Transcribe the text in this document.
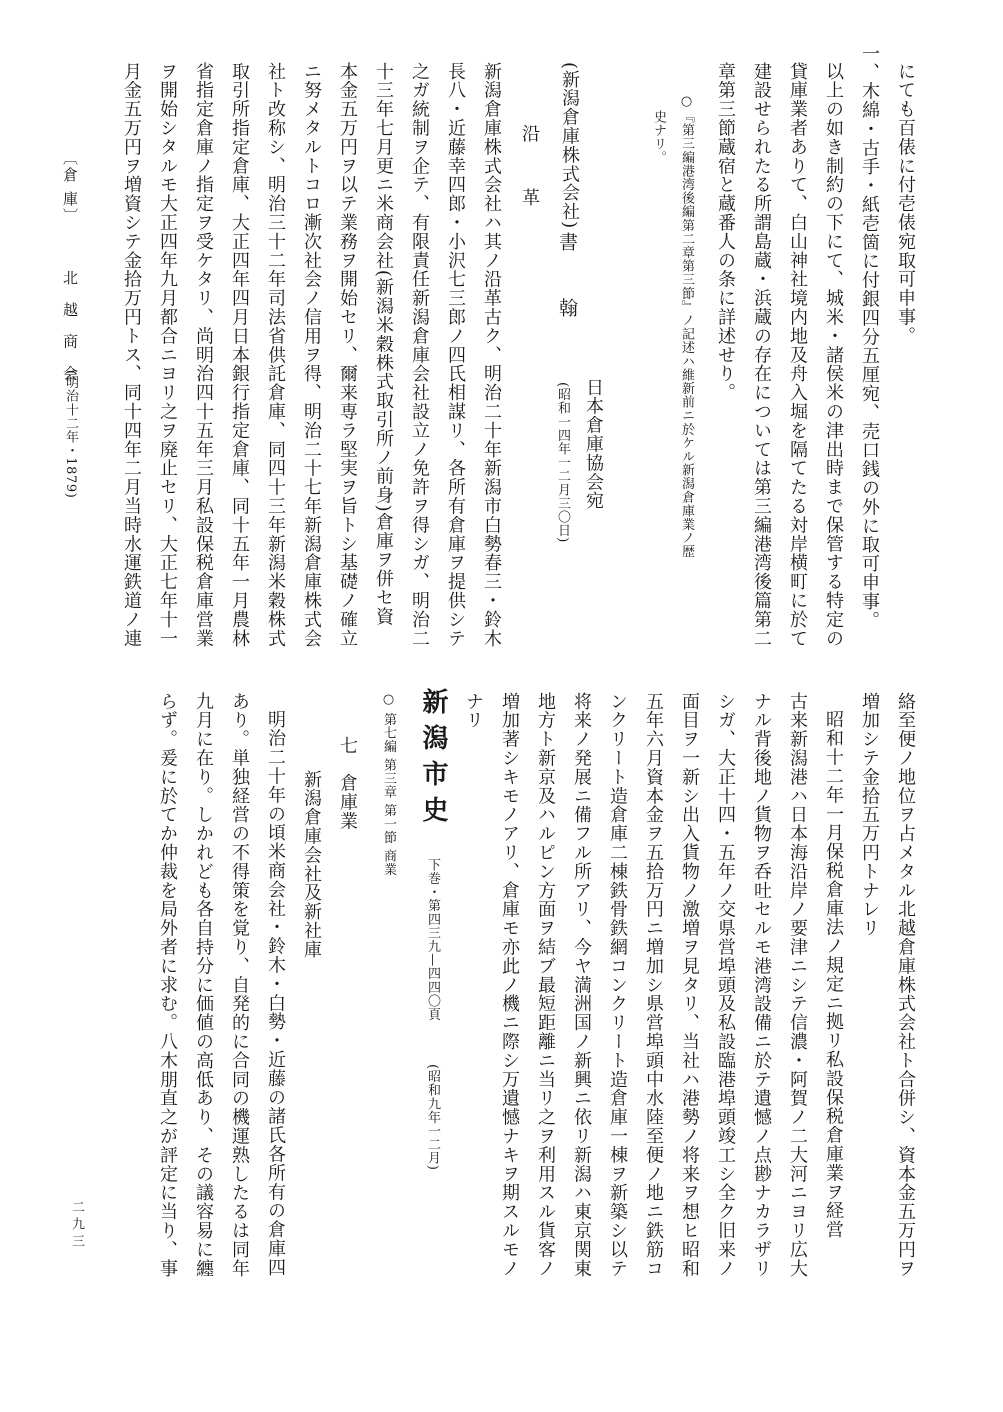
にても百俵に付壱俵宛取可申事。
一、木綿・古手・紙壱箇に付銀四分五厘宛、売口銭の外に取可申事。
以上の如き制約の下にて、城米・諸侯米の津出時まで保管する特定の
貸庫業者ありて、白山神社境内地及舟入堀を隔てたる対岸横町に於て
建設せられたる所謂島蔵・浜蔵の存在については第三編港湾後篇第二
章第三節蔵宿と蔵番人の条に詳述せり。
○『第三編港湾後編第二章第三節』ノ記述ハ維新前ニ於ケル新潟倉庫業ノ歴
史ナリ。
(新潟倉庫株式会社)
書　翰
日本倉庫協会宛
(昭和一四年一二月三〇日)
沿　革
新潟倉庫株式会社ハ其ノ沿革古ク、明治二十年新潟市白勢春三・鈴木
長八・近藤幸四郎・小沢七三郎ノ四氏相謀リ、各所有倉庫ヲ提供シテ
之ガ統制ヲ企テ、有限責任新潟倉庫会社設立ノ免許ヲ得シガ、明治二
十三年七月更ニ米商会社(新潟米穀株式取引所ノ前身)倉庫ヲ併セ資
本金五万円ヲ以テ業務ヲ開始セリ、爾来専ラ堅実ヲ旨トシ基礎ノ確立
ニ努メタルトコロ漸次社会ノ信用ヲ得、明治二十七年新潟倉庫株式会
社ト改称シ、明治三十二年司法省供託倉庫、同四十三年新潟米穀株式
取引所指定倉庫、大正四年四月日本銀行指定倉庫、同十五年一月農林
省指定倉庫ノ指定ヲ受ケタリ、尚明治四十五年三月私設保税倉庫営業
ヲ開始シタルモ大正四年九月都合ニヨリ之ヲ廃止セリ、大正七年十一
月金五万円ヲ増資シテ金拾万円トス、同十四年二月当時水運鉄道ノ連
〔倉 庫〕
北 越 商 会
(明治十二年・1879)
絡至便ノ地位ヲ占メタル北越倉庫株式会社ト合併シ、資本金五万円ヲ
増加シテ金拾五万円トナレリ
昭和十二年一月保税倉庫法ノ規定ニ拠リ私設保税倉庫業ヲ経営
古来新潟港ハ日本海沿岸ノ要津ニシテ信濃・阿賀ノ二大河ニヨリ広大
ナル背後地ノ貨物ヲ呑吐セルモ港湾設備ニ於テ遺憾ノ点尠ナカラザリ
シガ、大正十四・五年ノ交県営埠頭及私設臨港埠頭竣工シ全ク旧来ノ
面目ヲ一新シ出入貨物ノ激増ヲ見タリ、当社ハ港勢ノ将来ヲ想ヒ昭和
五年六月資本金ヲ五拾万円ニ増加シ県営埠頭中水陸至便ノ地ニ鉄筋コ
ンクリート造倉庫二棟鉄骨鉄網コンクリート造倉庫一棟ヲ新築シ以テ
将来ノ発展ニ備フル所アリ、今ヤ満洲国ノ新興ニ依リ新潟ハ東京関東
地方ト新京及ハルピン方面ヲ結ブ最短距離ニ当リ之ヲ利用スル貨客ノ
増加著シキモノアリ、倉庫モ亦此ノ機ニ際シ万遺憾ナキヲ期スルモノ
ナリ
新潟市史
下巻・第四三九—四四〇頁
(昭和九年一二月)
○ 第七編 第三章 第一節 商業
七　倉庫業
新潟倉庫会社及新社庫
明治二十年の頃米商会社・鈴木・白勢・近藤の諸氏各所有の倉庫四
あり。単独経営の不得策を覚り、自発的に合同の機運熟したるは同年
九月に在り。しかれども各自持分に価値の高低あり、その議容易に纏
らず。爰に於てか仲裁を局外者に求む。八木朋直之が評定に当り、事
二九三
